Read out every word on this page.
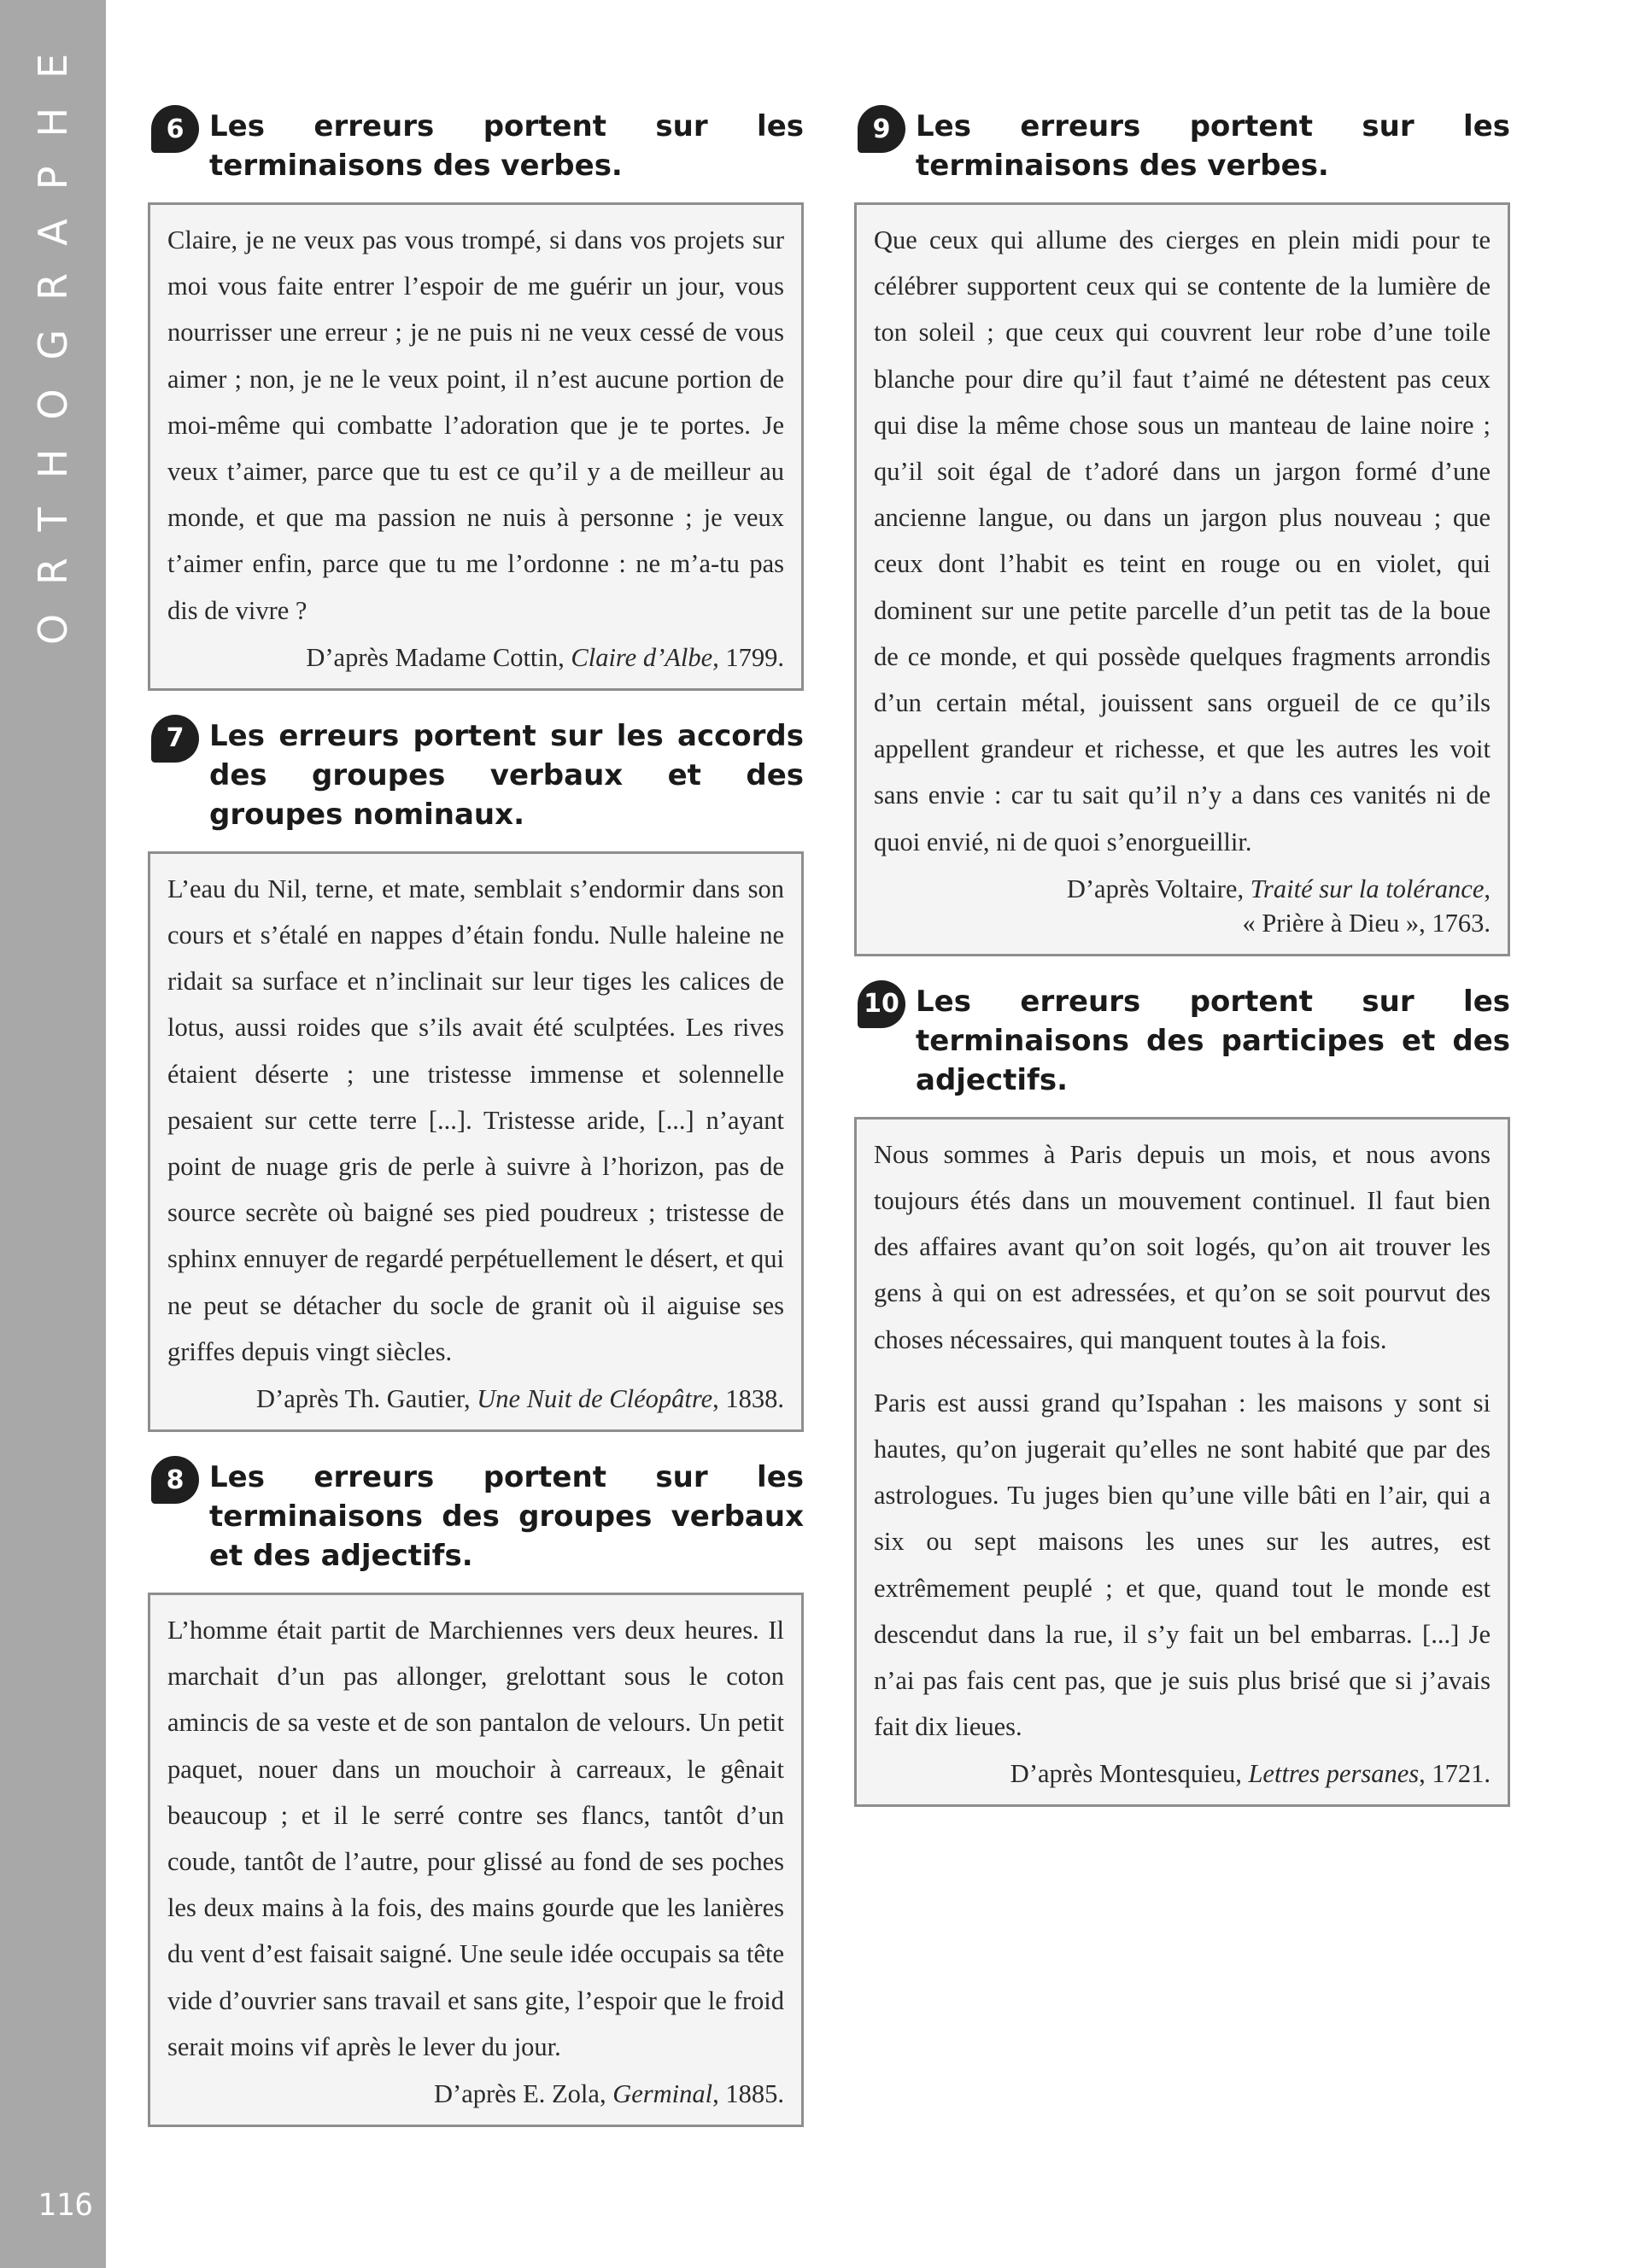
ORTHOGRAPHE
116
6 Les erreurs portent sur les terminaisons des verbes.

Claire, je ne veux pas vous trompé, si dans vos projets sur moi vous faite entrer l’espoir de me guérir un jour, vous nourrisser une erreur ; je ne puis ni ne veux cessé de vous aimer ; non, je ne le veux point, il n’est aucune portion de moi-même qui combatte l’adoration que je te portes. Je veux t’aimer, parce que tu est ce qu’il y a de meilleur au monde, et que ma passion ne nuis à personne ; je veux t’aimer enfin, parce que tu me l’ordonne : ne m’a-tu pas dis de vivre ?

D’après Madame Cottin, Claire d’Albe, 1799.
7 Les erreurs portent sur les accords des groupes verbaux et des groupes nominaux.

L’eau du Nil, terne, et mate, semblait s’endormir dans son cours et s’étalé en nappes d’étain fondu. Nulle haleine ne ridait sa surface et n’inclinait sur leur tiges les calices de lotus, aussi roides que s’ils avait été sculptées. Les rives étaient déserte ; une tristesse immense et solennelle pesaient sur cette terre [...]. Tristesse aride, [...] n’ayant point de nuage gris de perle à suivre à l’horizon, pas de source secrète où baigné ses pied poudreux ; tristesse de sphinx ennuyer de regardé perpétuellement le désert, et qui ne peut se détacher du socle de granit où il aiguise ses griffes depuis vingt siècles.

D’après Th. Gautier, Une Nuit de Cléopâtre, 1838.
8 Les erreurs portent sur les terminaisons des groupes verbaux et des adjectifs.

L’homme était partit de Marchiennes vers deux heures. Il marchait d’un pas allonger, grelottant sous le coton amincis de sa veste et de son pantalon de velours. Un petit paquet, nouer dans un mouchoir à carreaux, le gênait beaucoup ; et il le serré contre ses flancs, tantôt d’un coude, tantôt de l’autre, pour glissé au fond de ses poches les deux mains à la fois, des mains gourde que les lanières du vent d’est faisait saigné. Une seule idée occupais sa tête vide d’ouvrier sans travail et sans gite, l’espoir que le froid serait moins vif après le lever du jour.

D’après E. Zola, Germinal, 1885.
9 Les erreurs portent sur les terminaisons des verbes.

Que ceux qui allume des cierges en plein midi pour te célébrer supportent ceux qui se contente de la lumière de ton soleil ; que ceux qui couvrent leur robe d’une toile blanche pour dire qu’il faut t’aimé ne détestent pas ceux qui dise la même chose sous un manteau de laine noire ; qu’il soit égal de t’adoré dans un jargon formé d’une ancienne langue, ou dans un jargon plus nouveau ; que ceux dont l’habit es teint en rouge ou en violet, qui dominent sur une petite parcelle d’un petit tas de la boue de ce monde, et qui possède quelques fragments arrondis d’un certain métal, jouissent sans orgueil de ce qu’ils appellent grandeur et richesse, et que les autres les voit sans envie : car tu sait qu’il n’y a dans ces vanités ni de quoi envié, ni de quoi s’enorgueillir.

D’après Voltaire, Traité sur la tolérance,
« Prière à Dieu », 1763.
10 Les erreurs portent sur les terminaisons des participes et des adjectifs.

Nous sommes à Paris depuis un mois, et nous avons toujours étés dans un mouvement continuel. Il faut bien des affaires avant qu’on soit logés, qu’on ait trouver les gens à qui on est adressées, et qu’on se soit pourvut des choses nécessaires, qui manquent toutes à la fois.

Paris est aussi grand qu’Ispahan : les maisons y sont si hautes, qu’on jugerait qu’elles ne sont habité que par des astrologues. Tu juges bien qu’une ville bâti en l’air, qui a six ou sept maisons les unes sur les autres, est extrêmement peuplé ; et que, quand tout le monde est descendut dans la rue, il s’y fait un bel embarras. [...] Je n’ai pas fais cent pas, que je suis plus brisé que si j’avais fait dix lieues.

D’après Montesquieu, Lettres persanes, 1721.
